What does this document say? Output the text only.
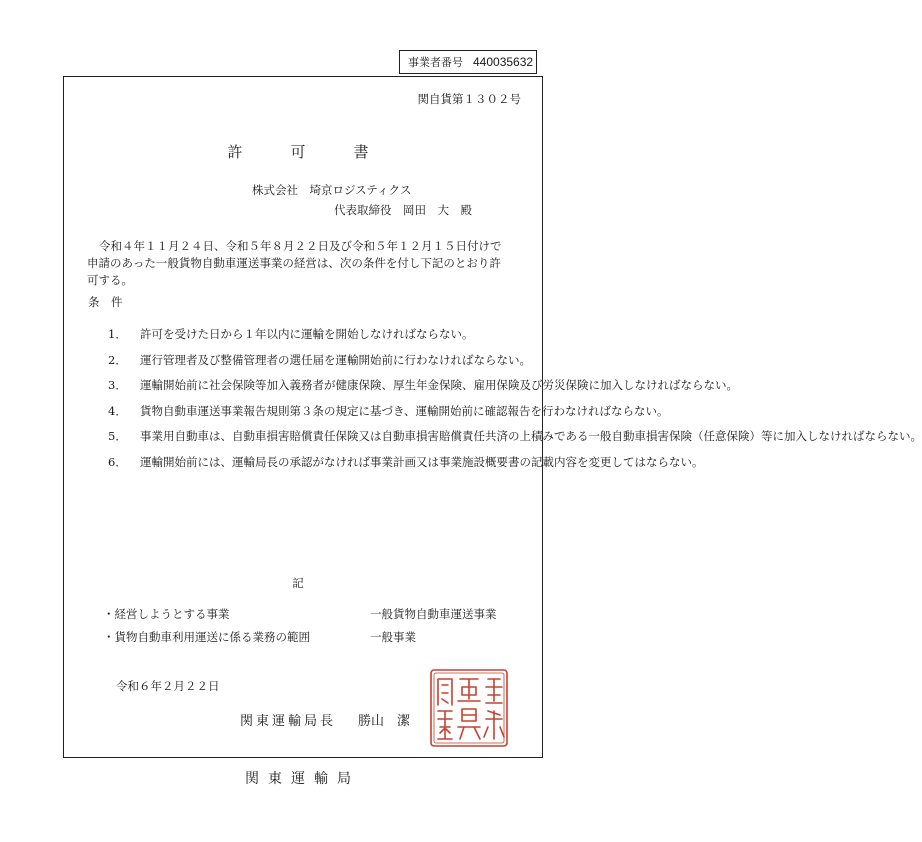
事業者番号 440035632
関自貨第１３０２号
許可書
株式会社　埼京ロジスティクス
代表取締役　岡田　大　殿
令和４年１１月２４日、令和５年８月２２日及び令和５年１２月１５日付けで申請のあった一般貨物自動車運送事業の経営は、次の条件を付し下記のとおり許可する。
条　件
1．	許可を受けた日から１年以内に運輸を開始しなければならない。
2．	運行管理者及び整備管理者の選任届を運輸開始前に行わなければならない。
3．	運輸開始前に社会保険等加入義務者が健康保険、厚生年金保険、雇用保険及び労災保険に加入しなければならない。
4．	貨物自動車運送事業報告規則第３条の規定に基づき、運輸開始前に確認報告を行わなければならない。
5．	事業用自動車は、自動車損害賠償責任保険又は自動車損害賠償責任共済の上積みである一般自動車損害保険（任意保険）等に加入しなければならない。
6．	運輸開始前には、運輸局長の承認がなければ事業計画又は事業施設概要書の記載内容を変更してはならない。
記
・経営しようとする事業	一般貨物自動車運送事業
・貨物自動車利用運送に係る業務の範囲	一般事業
令和６年２月２２日
関東運輸局長 勝山　潔
関東運輸局
